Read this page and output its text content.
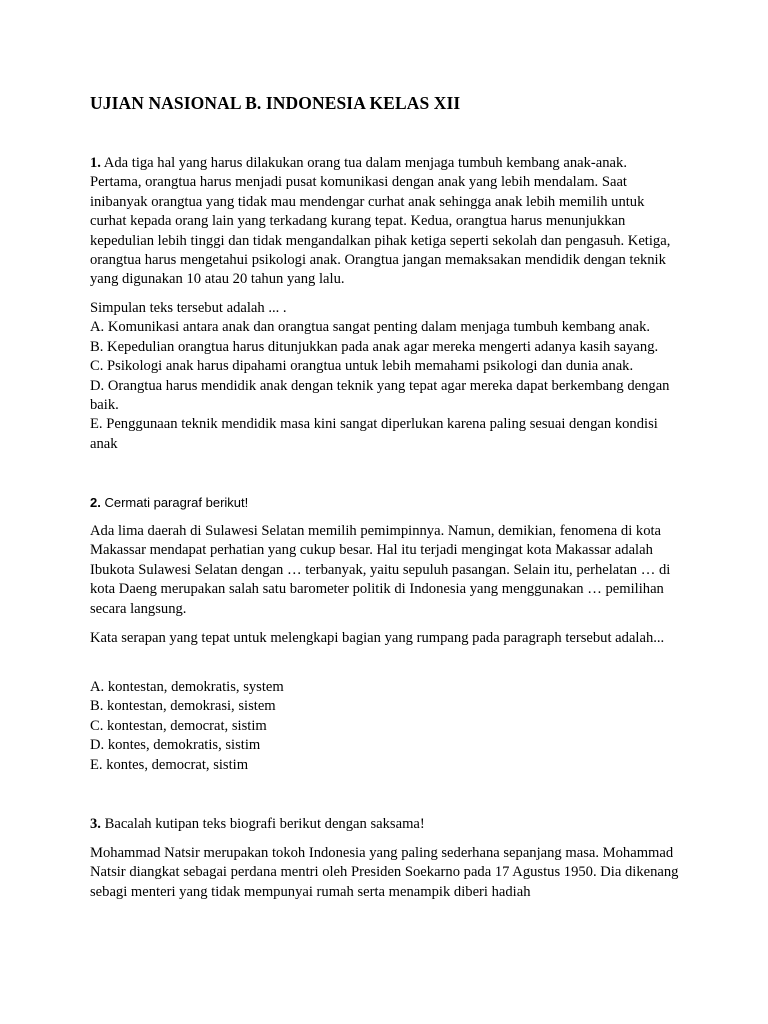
UJIAN NASIONAL B. INDONESIA KELAS XII

1. Ada tiga hal yang harus dilakukan orang tua dalam menjaga tumbuh kembang anak-anak. Pertama, orangtua harus menjadi pusat komunikasi dengan anak yang lebih mendalam. Saat inibanyak orangtua yang tidak mau mendengar curhat anak sehingga anak lebih memilih untuk curhat kepada orang lain yang terkadang kurang tepat. Kedua, orangtua harus menunjukkan kepedulian lebih tinggi dan tidak mengandalkan pihak ketiga seperti sekolah dan pengasuh. Ketiga, orangtua harus mengetahui psikologi anak. Orangtua jangan memaksakan mendidik dengan teknik yang digunakan 10 atau 20 tahun yang lalu.

Simpulan teks tersebut adalah ... .

A. Komunikasi antara anak dan orangtua sangat penting dalam menjaga tumbuh kembang anak.
B. Kepedulian orangtua harus ditunjukkan pada anak agar mereka mengerti adanya kasih sayang.
C. Psikologi anak harus dipahami orangtua untuk lebih memahami psikologi dan dunia anak.
D. Orangtua harus mendidik anak dengan teknik yang tepat agar mereka dapat berkembang dengan baik.
E. Penggunaan teknik mendidik masa kini sangat diperlukan karena paling sesuai dengan kondisi anak

2. Cermati paragraf berikut!

Ada lima daerah di Sulawesi Selatan memilih pemimpinnya. Namun, demikian, fenomena di kota Makassar mendapat perhatian yang cukup besar. Hal itu terjadi mengingat kota Makassar adalah Ibukota Sulawesi Selatan dengan … terbanyak, yaitu sepuluh pasangan. Selain itu, perhelatan … di kota Daeng merupakan salah satu barometer politik di Indonesia yang menggunakan … pemilihan secara langsung.

Kata serapan yang tepat untuk melengkapi bagian yang rumpang pada paragraph tersebut adalah...

A. kontestan, demokratis, system
B. kontestan, demokrasi, sistem
C. kontestan, democrat, sistim
D. kontes, demokratis, sistim
E. kontes, democrat, sistim

3. Bacalah kutipan teks biografi berikut dengan saksama!

Mohammad Natsir merupakan tokoh Indonesia yang paling sederhana sepanjang masa. Mohammad Natsir diangkat sebagai perdana mentri oleh Presiden Soekarno pada 17 Agustus 1950. Dia dikenang sebagi menteri yang tidak mempunyai rumah serta menampik diberi hadiah
